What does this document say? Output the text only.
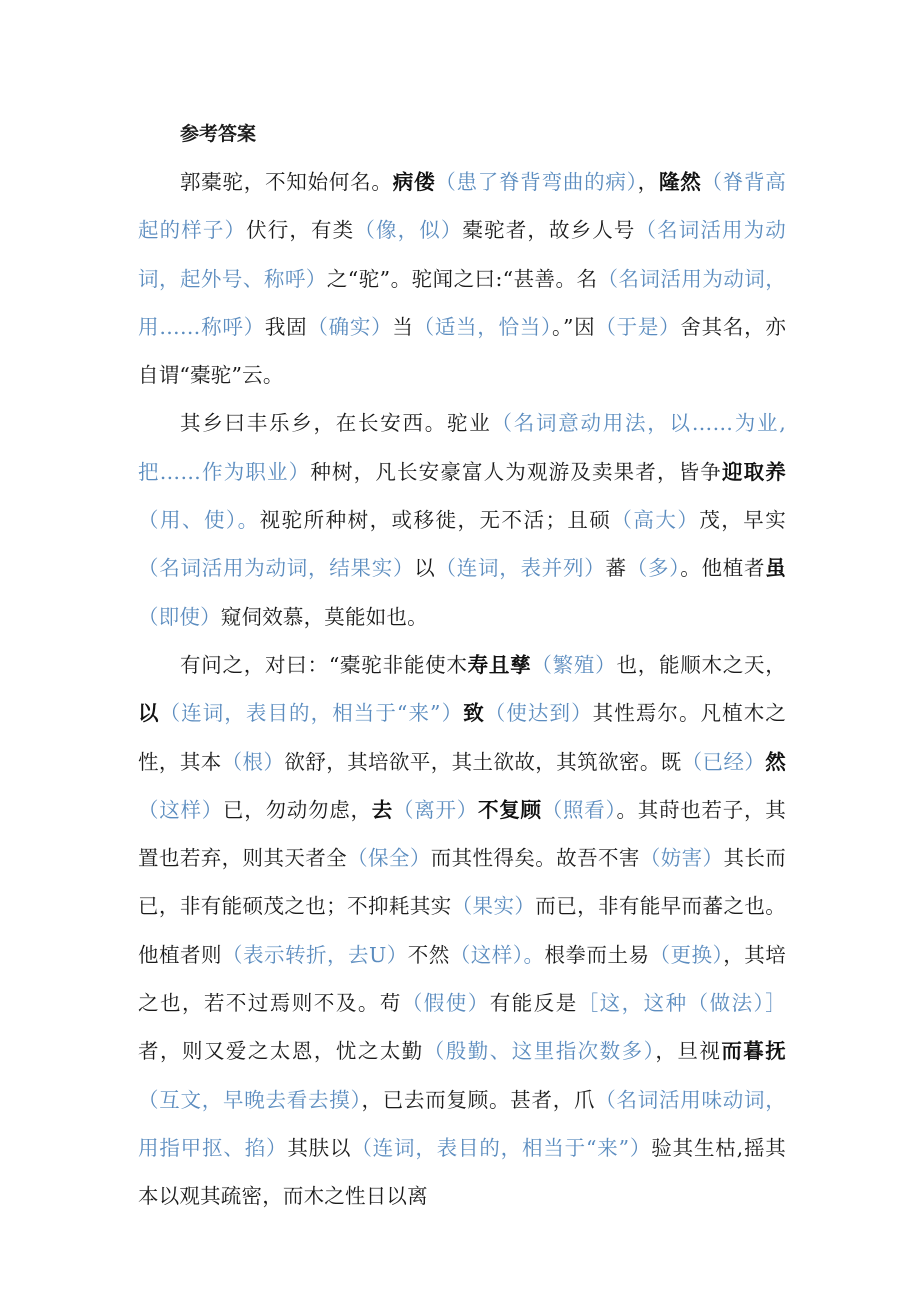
参考答案

郭橐驼，不知始何名。病偻（患了脊背弯曲的病），隆然（脊背高起的样子）伏行，有类（像，似）橐驼者，故乡人号（名词活用为动词，起外号、称呼）之“驼”。驼闻之曰:“甚善。名（名词活用为动词，用……称呼）我固（确实）当（适当，恰当）。”因（于是）舍其名，亦自谓“橐驼”云。

其乡曰丰乐乡，在长安西。驼业（名词意动用法，以……为业,把……作为职业）种树，凡长安豪富人为观游及卖果者，皆争迎取养（用、使）。视驼所种树，或移徙，无不活；且硕（高大）茂，早实（名词活用为动词，结果实）以（连词，表并列）蕃（多）。他植者虽（即使）窥伺效慕，莫能如也。

有问之，对曰：“橐驼非能使木寿且孳（繁殖）也，能顺木之天，以（连词，表目的，相当于“来”）致（使达到）其性焉尔。凡植木之性，其本（根）欲舒，其培欲平，其土欲故，其筑欲密。既（已经）然（这样）已，勿动勿虑，去（离开）不复顾（照看）。其莳也若子，其置也若弃，则其天者全（保全）而其性得矣。故吾不害（妨害）其长而已，非有能硕茂之也；不抑耗其实（果实）而已，非有能早而蕃之也。他植者则（表示转折，去U）不然（这样）。根拳而土易（更换），其培之也，若不过焉则不及。苟（假使）有能反是［这，这种（做法）］者，则又爱之太恩，忧之太勤（殷勤、这里指次数多），旦视而暮抚（互文，早晚去看去摸），已去而复顾。甚者，爪（名词活用味动词，用指甲抠、掐）其肤以（连词，表目的，相当于“来”）验其生枯,摇其本以观其疏密，而木之性日以离
